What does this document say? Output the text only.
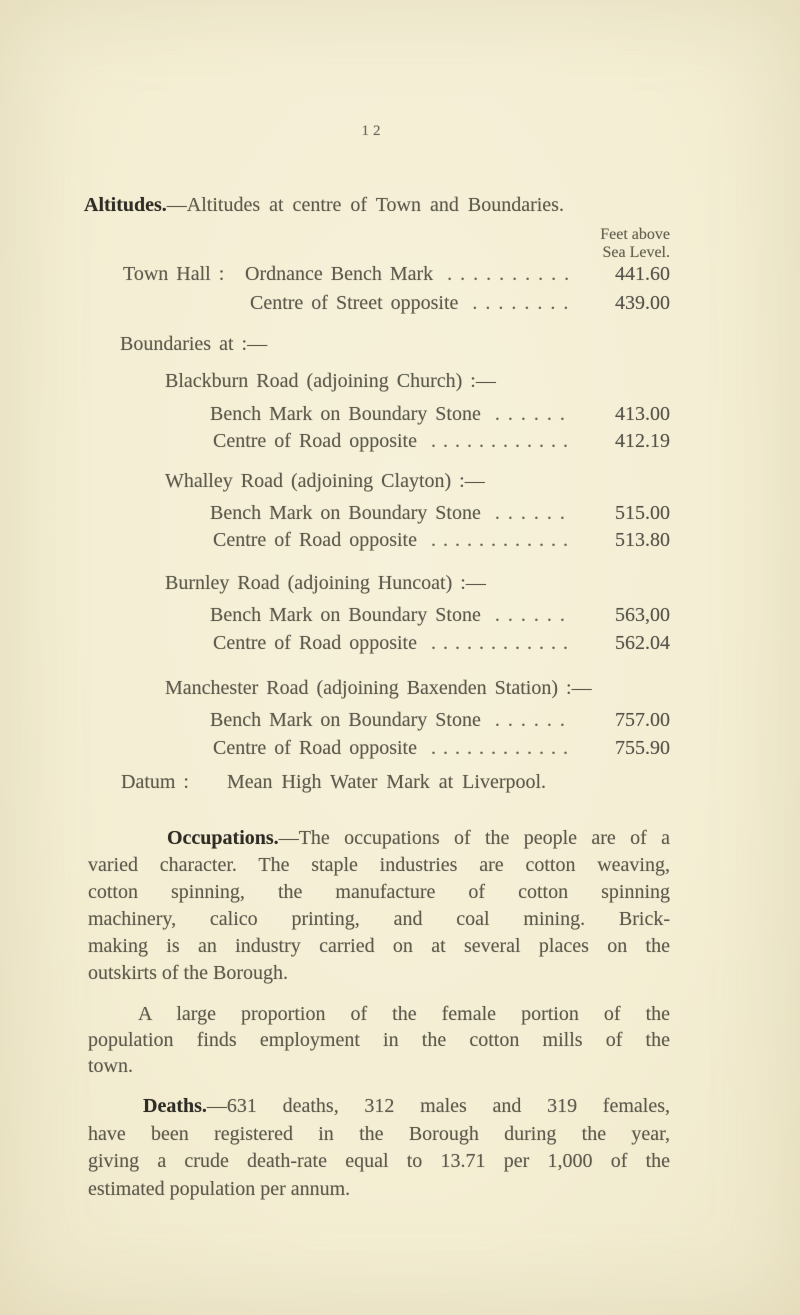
12
Altitudes.—Altitudes at centre of Town and Boundaries.
Feet above
Sea Level.
Town Hall : Ordnance Bench Mark .......... 441.60
Centre of Street opposite ........ 439.00
Boundaries at :—
Blackburn Road (adjoining Church) :—
Bench Mark on Boundary Stone ...... 413.00
Centre of Road opposite ............ 412.19
Whalley Road (adjoining Clayton) :—
Bench Mark on Boundary Stone ...... 515.00
Centre of Road opposite ............ 513.80
Burnley Road (adjoining Huncoat) :—
Bench Mark on Boundary Stone ...... 563,00
Centre of Road opposite ............ 562.04
Manchester Road (adjoining Baxenden Station) :—
Bench Mark on Boundary Stone ...... 757.00
Centre of Road opposite ............ 755.90
Datum : Mean High Water Mark at Liverpool.
Occupations.—The occupations of the people are of a
varied character. The staple industries are cotton weaving,
cotton spinning, the manufacture of cotton spinning
machinery, calico printing, and coal mining. Brick-
making is an industry carried on at several places on the
outskirts of the Borough.
A large proportion of the female portion of the
population finds employment in the cotton mills of the
town.
Deaths.—631 deaths, 312 males and 319 females,
have been registered in the Borough during the year,
giving a crude death-rate equal to 13.71 per 1,000 of the
estimated population per annum.
